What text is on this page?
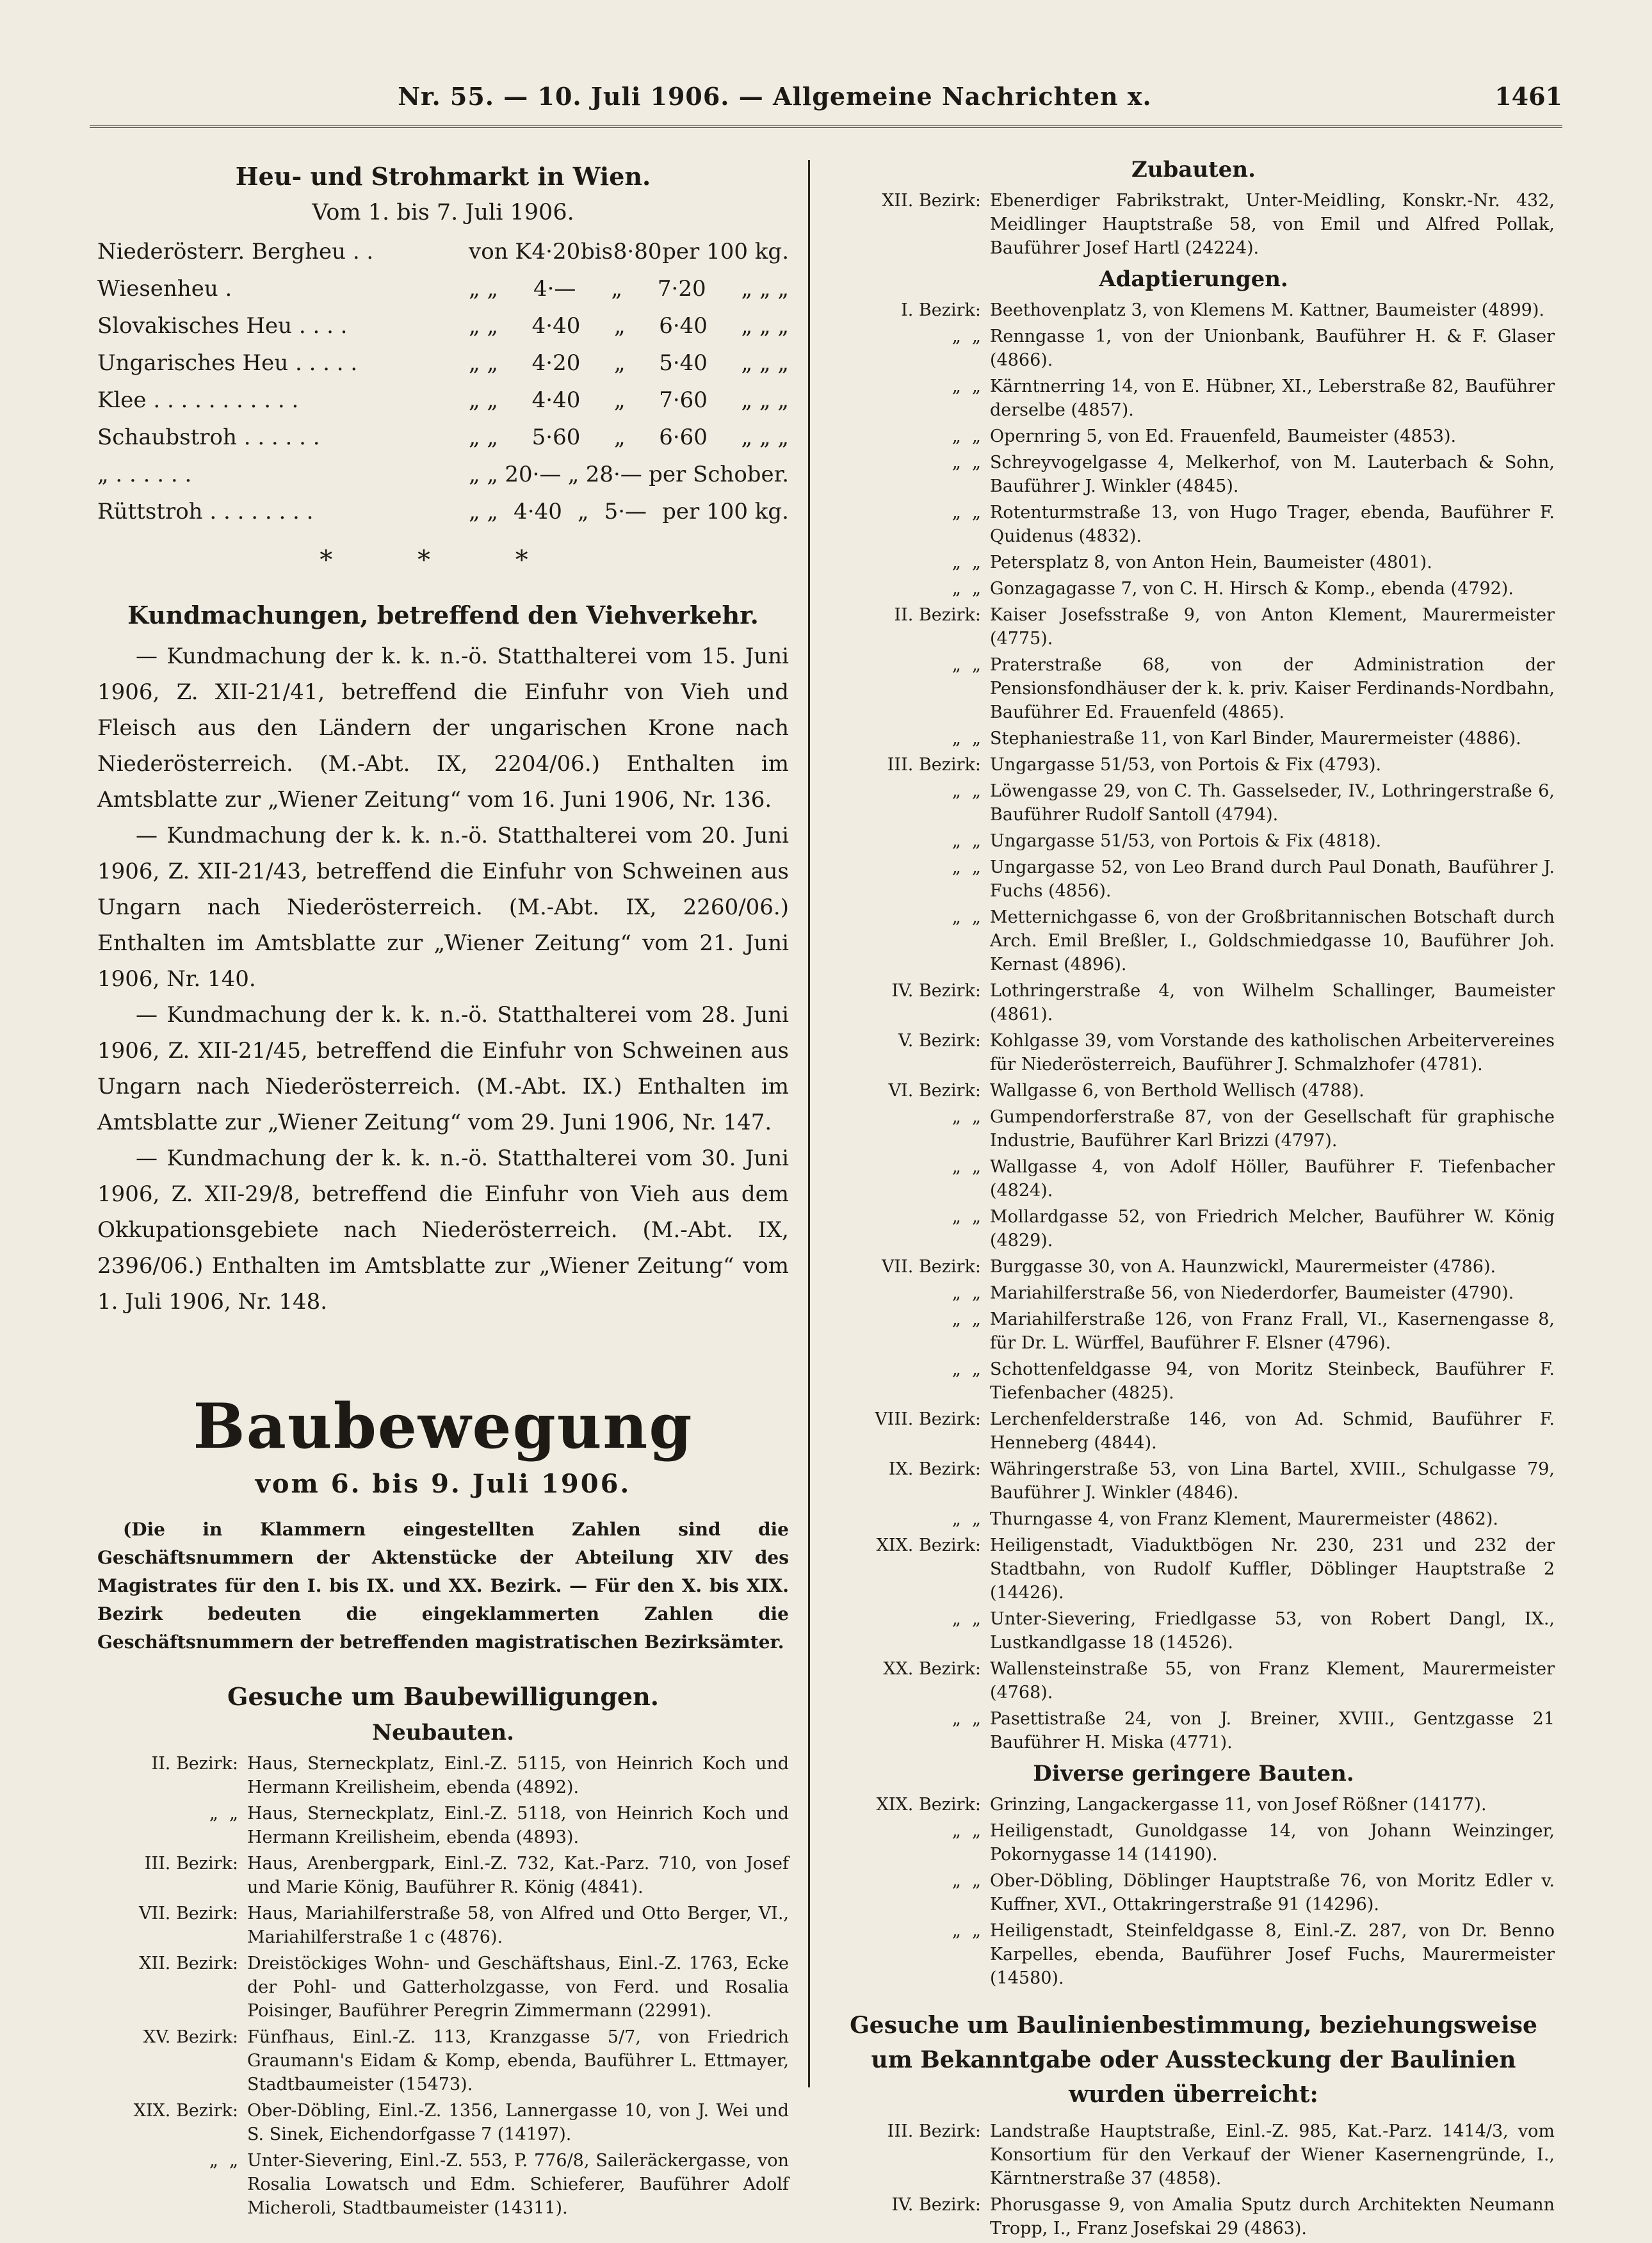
Nr. 55. — 10. Juli 1906. — Allgemeine Nachrichten x.	1461
Heu- und Strohmarkt in Wien.
Vom 1. bis 7. Juli 1906.
Niederösterr. Bergheu . .	von K 4·20 bis 8·80 per 100 kg.
Wiesenheu .	„ „ 4·— „ 7·20 „ „ „
Slovakisches Heu . . . .	„ „ 4·40 „ 6·40 „ „ „
Ungarisches Heu . . . . .	„ „ 4·20 „ 5·40 „ „ „
Klee . . . . . . . . . . .	„ „ 4·40 „ 7·60 „ „ „
Schaubstroh . . . . . .	„ „ 5·60 „ 6·60 „ „ „
„ . . . . . .	„ „ 20·— „ 28·— per Schober.
Rüttstroh . . . . . . . .	„ „ 4·40 „ 5·— per 100 kg.
* * *
Kundmachungen, betreffend den Viehverkehr.

— Kundmachung der k. k. n.-ö. Statthalterei vom 15. Juni 1906, Z. XII-21/41, betreffend die Einfuhr von Vieh und Fleisch aus den Ländern der ungarischen Krone nach Niederösterreich. (M.-Abt. IX, 2204/06.) Enthalten im Amtsblatte zur „Wiener Zeitung“ vom 16. Juni 1906, Nr. 136.

— Kundmachung der k. k. n.-ö. Statthalterei vom 20. Juni 1906, Z. XII-21/43, betreffend die Einfuhr von Schweinen aus Ungarn nach Niederösterreich. (M.-Abt. IX, 2260/06.) Enthalten im Amtsblatte zur „Wiener Zeitung“ vom 21. Juni 1906, Nr. 140.

— Kundmachung der k. k. n.-ö. Statthalterei vom 28. Juni 1906, Z. XII-21/45, betreffend die Einfuhr von Schweinen aus Ungarn nach Niederösterreich. (M.-Abt. IX.) Enthalten im Amtsblatte zur „Wiener Zeitung“ vom 29. Juni 1906, Nr. 147.

— Kundmachung der k. k. n.-ö. Statthalterei vom 30. Juni 1906, Z. XII-29/8, betreffend die Einfuhr von Vieh aus dem Okkupationsgebiete nach Niederösterreich. (M.-Abt. IX, 2396/06.) Enthalten im Amtsblatte zur „Wiener Zeitung“ vom 1. Juli 1906, Nr. 148.

Baubewegung
vom 6. bis 9. Juli 1906.

(Die in Klammern eingestellten Zahlen sind die Geschäftsnummern der Aktenstücke der Abteilung XIV des Magistrates für den I. bis IX. und XX. Bezirk. — Für den X. bis XIX. Bezirk bedeuten die eingeklammerten Zahlen die Geschäftsnummern der betreffenden magistratischen Bezirksämter.

Gesuche um Baubewilligungen.
Neubauten.
II. Bezirk: Haus, Sterneckplatz, Einl.-Z. 5115, von Heinrich Koch und Hermann Kreilisheim, ebenda (4892).
„  „ Haus, Sterneckplatz, Einl.-Z. 5118, von Heinrich Koch und Hermann Kreilisheim, ebenda (4893).
III. Bezirk: Haus, Arenbergpark, Einl.-Z. 732, Kat.-Parz. 710, von Josef und Marie König, Bauführer R. König (4841).
VII. Bezirk: Haus, Mariahilferstraße 58, von Alfred und Otto Berger, VI., Mariahilferstraße 1 c (4876).
XII. Bezirk: Dreistöckiges Wohn- und Geschäftshaus, Einl.-Z. 1763, Ecke der Pohl- und Gatterholzgasse, von Ferd. und Rosalia Poisinger, Bauführer Peregrin Zimmermann (22991).
XV. Bezirk: Fünfhaus, Einl.-Z. 113, Kranzgasse 5/7, von Friedrich Graumann's Eidam & Komp, ebenda, Bauführer L. Ettmayer, Stadtbaumeister (15473).
XIX. Bezirk: Ober-Döbling, Einl.-Z. 1356, Lannergasse 10, von J. Wei und S. Sinek, Eichendorfgasse 7 (14197).
„  „ Unter-Sievering, Einl.-Z. 553, P. 776/8, Saileräckergasse, von Rosalia Lowatsch und Edm. Schieferer, Bauführer Adolf Micheroli, Stadtbaumeister (14311).
Zubauten.
XII. Bezirk: Ebenerdiger Fabrikstrakt, Unter-Meidling, Konskr.-Nr. 432, Meidlinger Hauptstraße 58, von Emil und Alfred Pollak, Bauführer Josef Hartl (24224).
Adaptierungen.
I. Bezirk: Beethovenplatz 3, von Klemens M. Kattner, Baumeister (4899).
„  „ Renngasse 1, von der Unionbank, Bauführer H. & F. Glaser (4866).
„  „ Kärntnerring 14, von E. Hübner, XI., Leberstraße 82, Bauführer derselbe (4857).
„  „ Opernring 5, von Ed. Frauenfeld, Baumeister (4853).
„  „ Schreyvogelgasse 4, Melkerhof, von M. Lauterbach & Sohn, Bauführer J. Winkler (4845).
„  „ Rotenturmstraße 13, von Hugo Trager, ebenda, Bauführer F. Quidenus (4832).
„  „ Petersplatz 8, von Anton Hein, Baumeister (4801).
„  „ Gonzagagasse 7, von C. H. Hirsch & Komp., ebenda (4792).
II. Bezirk: Kaiser Josefsstraße 9, von Anton Klement, Maurermeister (4775).
„  „ Praterstraße 68, von der Administration der Pensionsfondhäuser der k. k. priv. Kaiser Ferdinands-Nordbahn, Bauführer Ed. Frauenfeld (4865).
„  „ Stephaniestraße 11, von Karl Binder, Maurermeister (4886).
III. Bezirk: Ungargasse 51/53, von Portois & Fix (4793).
„  „ Löwengasse 29, von C. Th. Gasselseder, IV., Lothringerstraße 6, Bauführer Rudolf Santoll (4794).
„  „ Ungargasse 51/53, von Portois & Fix (4818).
„  „ Ungargasse 52, von Leo Brand durch Paul Donath, Bauführer J. Fuchs (4856).
„  „ Metternichgasse 6, von der Großbritannischen Botschaft durch Arch. Emil Breßler, I., Goldschmiedgasse 10, Bauführer Joh. Kernast (4896).
IV. Bezirk: Lothringerstraße 4, von Wilhelm Schallinger, Baumeister (4861).
V. Bezirk: Kohlgasse 39, vom Vorstande des katholischen Arbeitervereines für Niederösterreich, Bauführer J. Schmalzhofer (4781).
VI. Bezirk: Wallgasse 6, von Berthold Wellisch (4788).
„  „ Gumpendorferstraße 87, von der Gesellschaft für graphische Industrie, Bauführer Karl Brizzi (4797).
„  „ Wallgasse 4, von Adolf Höller, Bauführer F. Tiefenbacher (4824).
„  „ Mollardgasse 52, von Friedrich Melcher, Bauführer W. König (4829).
VII. Bezirk: Burggasse 30, von A. Haunzwickl, Maurermeister (4786).
„  „ Mariahilferstraße 56, von Niederdorfer, Baumeister (4790).
„  „ Mariahilferstraße 126, von Franz Frall, VI., Kasernengasse 8, für Dr. L. Würffel, Bauführer F. Elsner (4796).
„  „ Schottenfeldgasse 94, von Moritz Steinbeck, Bauführer F. Tiefenbacher (4825).
VIII. Bezirk: Lerchenfelderstraße 146, von Ad. Schmid, Bauführer F. Henneberg (4844).
IX. Bezirk: Währingerstraße 53, von Lina Bartel, XVIII., Schulgasse 79, Bauführer J. Winkler (4846).
„  „ Thurngasse 4, von Franz Klement, Maurermeister (4862).
XIX. Bezirk: Heiligenstadt, Viaduktbögen Nr. 230, 231 und 232 der Stadtbahn, von Rudolf Kuffler, Döblinger Hauptstraße 2 (14426).
„  „ Unter-Sievering, Friedlgasse 53, von Robert Dangl, IX., Lustkandlgasse 18 (14526).
XX. Bezirk: Wallensteinstraße 55, von Franz Klement, Maurermeister (4768).
„  „ Pasettistraße 24, von J. Breiner, XVIII., Gentzgasse 21 Bauführer H. Miska (4771).
Diverse geringere Bauten.
XIX. Bezirk: Grinzing, Langackergasse 11, von Josef Rößner (14177).
„  „ Heiligenstadt, Gunoldgasse 14, von Johann Weinzinger, Pokornygasse 14 (14190).
„  „ Ober-Döbling, Döblinger Hauptstraße 76, von Moritz Edler v. Kuffner, XVI., Ottakringerstraße 91 (14296).
„  „ Heiligenstadt, Steinfeldgasse 8, Einl.-Z. 287, von Dr. Benno Karpelles, ebenda, Bauführer Josef Fuchs, Maurermeister (14580).
Gesuche um Baulinienbestimmung, beziehungsweise um Bekanntgabe oder Aussteckung der Baulinien wurden überreicht:
III. Bezirk: Landstraße Hauptstraße, Einl.-Z. 985, Kat.-Parz. 1414/3, vom Konsortium für den Verkauf der Wiener Kasernengründe, I., Kärntnerstraße 37 (4858).
IV. Bezirk: Phorusgasse 9, von Amalia Sputz durch Architekten Neumann Tropp, I., Franz Josefskai 29 (4863).
